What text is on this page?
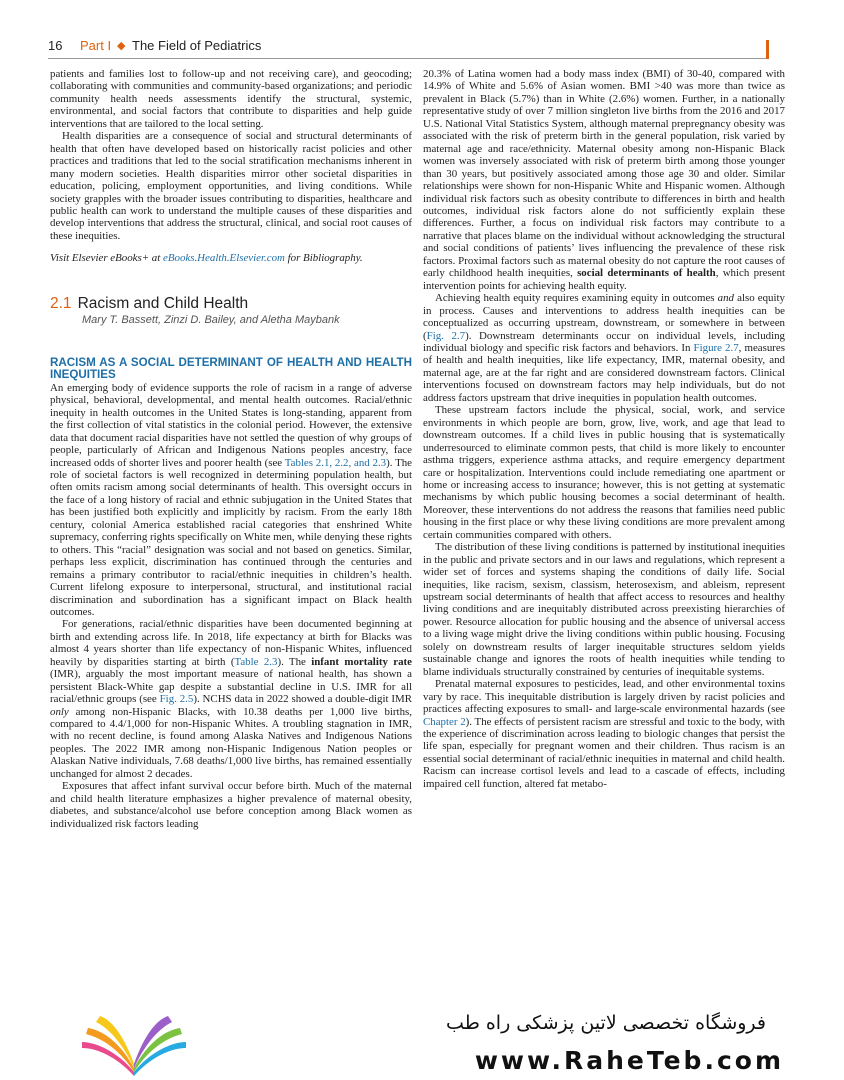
16 Part I ◆ The Field of Pediatrics

patients and families lost to follow-up and not receiving care), and geocoding; collaborating with communities and community-based organizations; and periodic community health needs assessments identify the structural, systemic, environmental, and social factors that contribute to disparities and help guide interventions that are tailored to the local setting.

Health disparities are a consequence of social and structural determinants of health that often have developed based on historically racist policies and other practices and traditions that led to the social stratification mechanisms inherent in many modern societies. Health disparities mirror other societal disparities in education, policing, employment opportunities, and living conditions. While society grapples with the broader issues contributing to disparities, healthcare and public health can work to understand the multiple causes of these disparities and develop interventions that address the structural, clinical, and social root causes of these inequities.

Visit Elsevier eBooks+ at eBooks.Health.Elsevier.com for Bibliography.

2.1 Racism and Child Health
Mary T. Bassett, Zinzi D. Bailey, and Aletha Maybank
RACISM AS A SOCIAL DETERMINANT OF HEALTH AND HEALTH INEQUITIES

An emerging body of evidence supports the role of racism in a range of adverse physical, behavioral, developmental, and mental health outcomes. Racial/ethnic inequity in health outcomes in the United States is long-standing, apparent from the first collection of vital statistics in the colonial period. However, the extensive data that document racial disparities have not settled the question of why groups of people, particularly of African and Indigenous Nations peoples ancestry, face increased odds of shorter lives and poorer health (see Tables 2.1, 2.2, and 2.3). The role of societal factors is well recognized in determining population health, but often omits racism among social determinants of health. This oversight occurs in the face of a long history of racial and ethnic subjugation in the United States that has been justified both explicitly and implicitly by racism. From the early 18th century, colonial America established racial categories that enshrined White supremacy, conferring rights specifically on White men, while denying these rights to others. This “racial” designation was social and not based on genetics. Similar, perhaps less explicit, discrimination has continued through the centuries and remains a primary contributor to racial/ethnic inequities in children’s health. Current lifelong exposure to interpersonal, structural, and institutional racial discrimination and subordination has a significant impact on Black health outcomes.

For generations, racial/ethnic disparities have been documented beginning at birth and extending across life. In 2018, life expectancy at birth for Blacks was almost 4 years shorter than life expectancy of non-Hispanic Whites, influenced heavily by disparities starting at birth (Table 2.3). The infant mortality rate (IMR), arguably the most important measure of national health, has shown a persistent Black-White gap despite a substantial decline in U.S. IMR for all racial/ethnic groups (see Fig. 2.5). NCHS data in 2022 showed a double-digit IMR only among non-Hispanic Blacks, with 10.38 deaths per 1,000 live births, compared to 4.4/1,000 for non-Hispanic Whites. A troubling stagnation in IMR, with no recent decline, is found among Alaska Natives and Indigenous Nations peoples. The 2022 IMR among non-Hispanic Indigenous Nation peoples or Alaskan Native individuals, 7.68 deaths/1,000 live births, has remained essentially unchanged for almost 2 decades.

Exposures that affect infant survival occur before birth. Much of the maternal and child health literature emphasizes a higher prevalence of maternal obesity, diabetes, and substance/alcohol use before conception among Black women as individualized risk factors leading

20.3% of Latina women had a body mass index (BMI) of 30-40, compared with 14.9% of White and 5.6% of Asian women. BMI >40 was more than twice as prevalent in Black (5.7%) than in White (2.6%) women. Further, in a nationally representative study of over 7 million singleton live births from the 2016 and 2017 U.S. National Vital Statistics System, although maternal prepregnancy obesity was associated with the risk of preterm birth in the general population, risk varied by maternal age and race/ethnicity. Maternal obesity among non-Hispanic Black women was inversely associated with risk of preterm birth among those younger than 30 years, but positively associated among those age 30 and older. Similar relationships were shown for non-Hispanic White and Hispanic women. Although individual risk factors such as obesity contribute to differences in birth and health outcomes, individual risk factors alone do not sufficiently explain these differences. Further, a focus on individual risk factors may contribute to a narrative that places blame on the individual without acknowledging the structural and social conditions of patients’ lives influencing the prevalence of these risk factors. Proximal factors such as maternal obesity do not capture the root causes of early childhood health inequities, social determinants of health, which present intervention points for achieving health equity.

Achieving health equity requires examining equity in outcomes and also equity in process. Causes and interventions to address health inequities can be conceptualized as occurring upstream, downstream, or somewhere in between (Fig. 2.7). Downstream determinants occur on individual levels, including individual biology and specific risk factors and behaviors. In Figure 2.7, measures of health and health inequities, like life expectancy, IMR, maternal obesity, and maternal age, are at the far right and are considered downstream factors. Clinical interventions focused on downstream factors may help individuals, but do not address factors upstream that drive inequities in population health outcomes.

These upstream factors include the physical, social, work, and service environments in which people are born, grow, live, work, and age that lead to downstream outcomes. If a child lives in public housing that is systematically underresourced to eliminate common pests, that child is more likely to encounter asthma triggers, experience asthma attacks, and require emergency department care or hospitalization. Interventions could include remediating one apartment or home or increasing access to insurance; however, this is not getting at systematic mechanisms by which public housing becomes a social determinant of health. Moreover, these interventions do not address the reasons that families need public housing in the first place or why these living conditions are more prevalent among certain communities compared with others.

The distribution of these living conditions is patterned by institutional inequities in the public and private sectors and in our laws and regulations, which represent a wider set of forces and systems shaping the conditions of daily life. Social inequities, like racism, sexism, classism, heterosexism, and ableism, represent upstream social determinants of health that affect access to resources and healthy living conditions and are inequitably distributed across preexisting hierarchies of power. Resource allocation for public housing and the absence of universal access to a living wage might drive the living conditions within public housing. Focusing solely on downstream results of larger inequitable structures seldom yields sustainable change and ignores the roots of health inequities while tending to blame individuals structurally constrained by centuries of inequitable systems.

Prenatal maternal exposures to pesticides, lead, and other environmental toxins vary by race. This inequitable distribution is largely driven by racist policies and practices affecting exposures to small- and large-scale environmental hazards (see Chapter 2). The effects of persistent racism are stressful and toxic to the body, with the experience of discrimination across leading to biologic changes that persist the life span, especially for pregnant women and their children. Thus racism is an essential social determinant of racial/ethnic inequities in maternal and child health. Racism can increase cortisol levels and lead to a cascade of effects, including impaired cell function, altered fat metabo-

فروشگاه تخصصی لاتین پزشکی راه طب
www.RaheTeb.com
